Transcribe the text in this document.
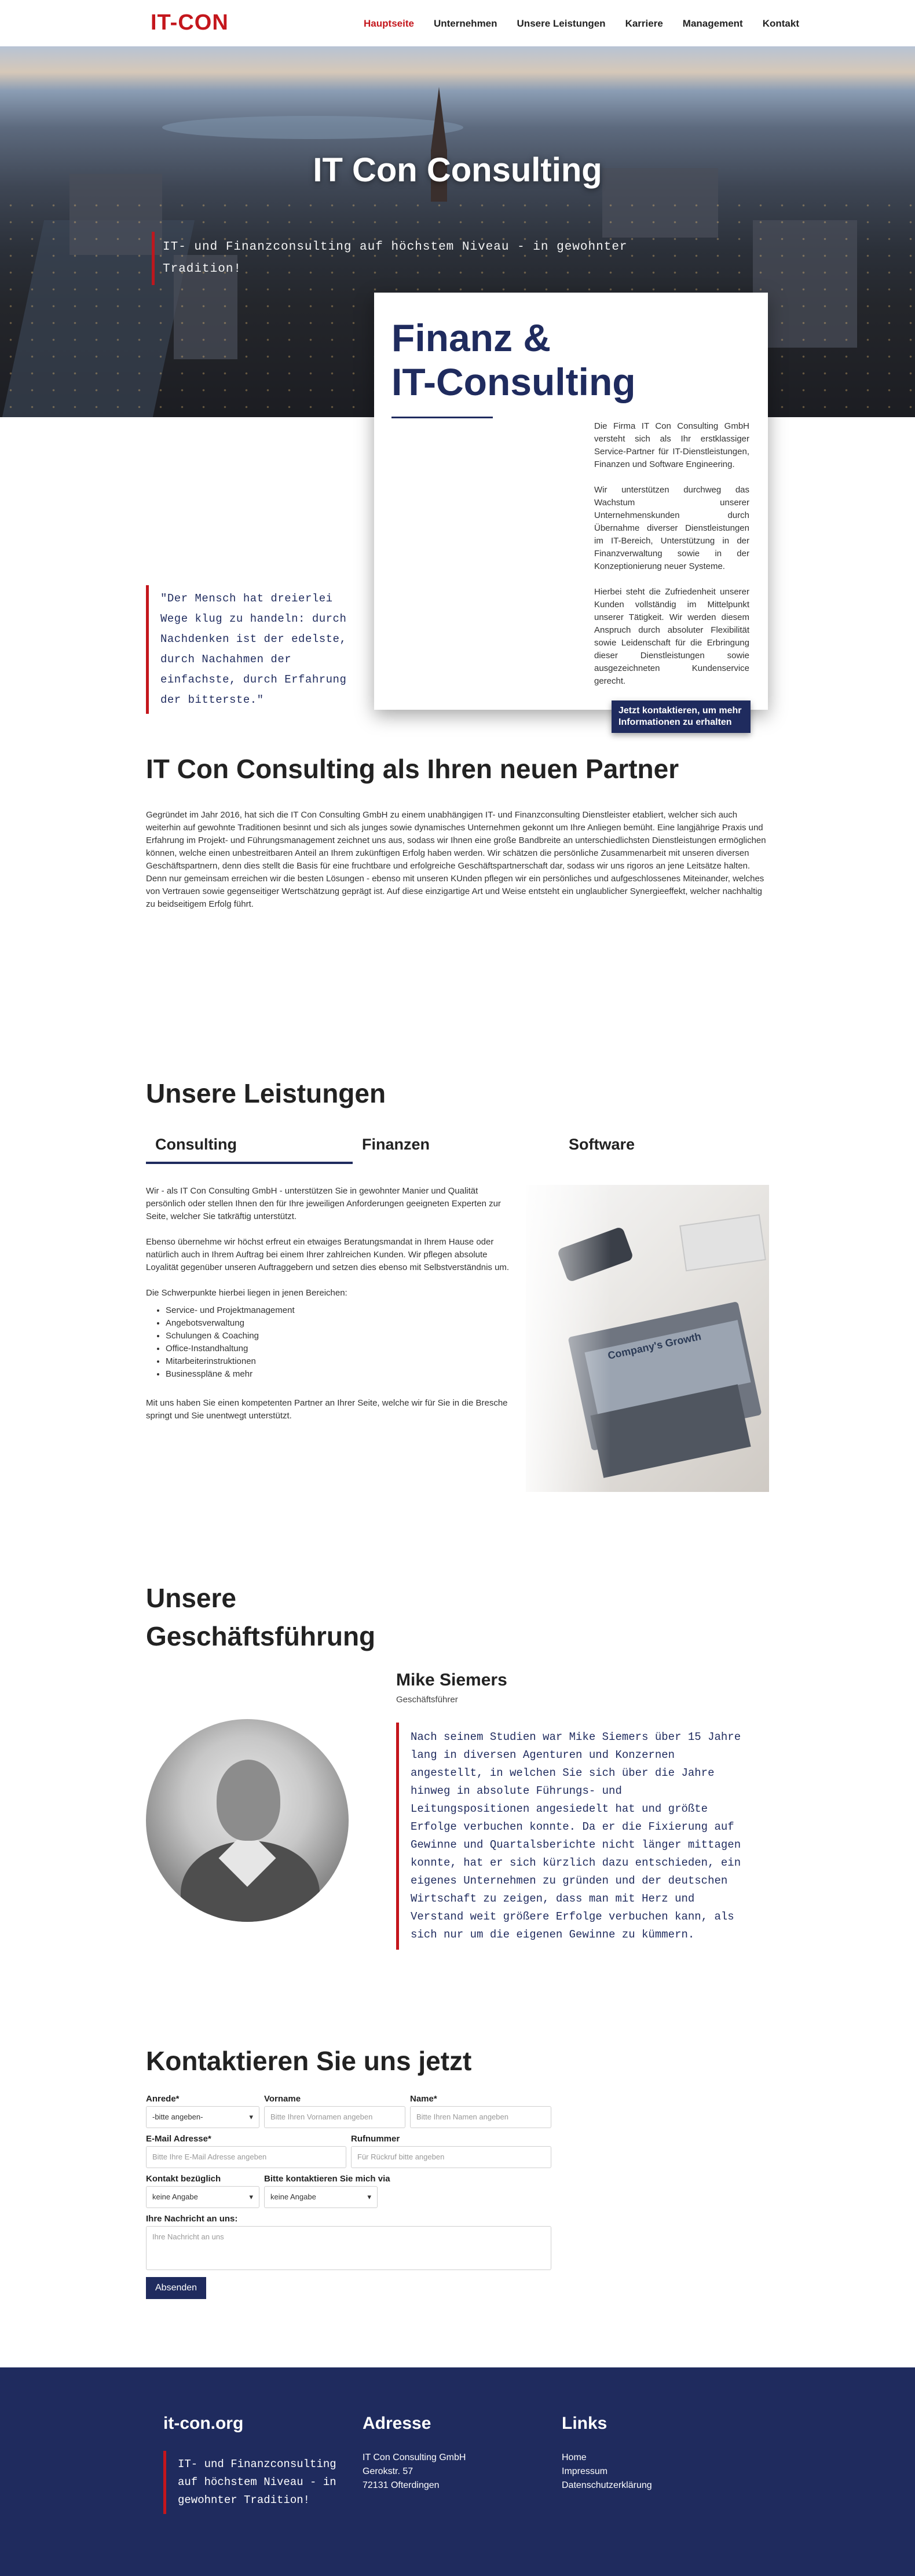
IT-CON	Hauptseite Unternehmen Unsere Leistungen Karriere Management Kontakt
IT Con Consulting
IT- und Finanzconsulting auf höchstem Niveau - in gewohnter Tradition!
Finanz &
IT-Consulting

Die Firma IT Con Consulting GmbH versteht sich als Ihr erstklassiger Service-Partner für IT-Dienstleistungen, Finanzen und Software Engineering.

Wir unterstützen durchweg das Wachstum unserer Unternehmenskunden durch Übernahme diverser Dienstleistungen im IT-Bereich, Unterstützung in der Finanzverwaltung sowie in der Konzeptionierung neuer Systeme.

Hierbei steht die Zufriedenheit unserer Kunden vollständig im Mittelpunkt unserer Tätigkeit. Wir werden diesem Anspruch durch absoluter Flexibilität sowie Leidenschaft für die Erbringung dieser Dienstleistungen sowie ausgezeichneten Kundenservice gerecht.

Jetzt kontaktieren, um mehr Informationen zu erhalten
"Der Mensch hat dreierlei Wege klug zu handeln: durch Nachdenken ist der edelste, durch Nachahmen der einfachste, durch Erfahrung der bitterste."
IT Con Consulting als Ihren neuen Partner

Gegründet im Jahr 2016, hat sich die IT Con Consulting GmbH zu einem unabhängigen IT- und Finanzconsulting Dienstleister etabliert, welcher sich auch weiterhin auf gewohnte Traditionen besinnt und sich als junges sowie dynamisches Unternehmen gekonnt um Ihre Anliegen bemüht. Eine langjährige Praxis und Erfahrung im Projekt- und Führungsmanagement zeichnet uns aus, sodass wir Ihnen eine große Bandbreite an unterschiedlichsten Dienstleistungen ermöglichen können, welche einen unbestreitbaren Anteil an Ihrem zukünftigen Erfolg haben werden. Wir schätzen die persönliche Zusammenarbeit mit unseren diversen Geschäftspartnern, denn dies stellt die Basis für eine fruchtbare und erfolgreiche Geschäftspartnerschaft dar, sodass wir uns rigoros an jene Leitsätze halten. Denn nur gemeinsam erreichen wir die besten Lösungen - ebenso mit unseren KUnden pflegen wir ein persönliches und aufgeschlossenes Miteinander, welches von Vertrauen sowie gegenseitiger Wertschätzung geprägt ist. Auf diese einzigartige Art und Weise entsteht ein unglaublicher Synergieeffekt, welcher nachhaltig zu beidseitigem Erfolg führt.

Unsere Leistungen
Consulting	Finanzen	Software

Wir - als IT Con Consulting GmbH - unterstützen Sie in gewohnter Manier und Qualität persönlich oder stellen Ihnen den für Ihre jeweiligen Anforderungen geeigneten Experten zur Seite, welcher Sie tatkräftig unterstützt.

Ebenso übernehme wir höchst erfreut ein etwaiges Beratungsmandat in Ihrem Hause oder natürlich auch in Ihrem Auftrag bei einem Ihrer zahlreichen Kunden. Wir pflegen absolute Loyalität gegenüber unseren Auftraggebern und setzen dies ebenso mit Selbstverständnis um.

Die Schwerpunkte hierbei liegen in jenen Bereichen:

• Service- und Projektmanagement
• Angebotsverwaltung
• Schulungen & Coaching
• Office-Instandhaltung
• Mitarbeiterinstruktionen
• Businesspläne & mehr

Mit uns haben Sie einen kompetenten Partner an Ihrer Seite, welche wir für Sie in die Bresche springt und Sie unentwegt unterstützt.

Unsere
Geschäftsführung
Mike Siemers
Geschäftsführer
Nach seinem Studien war Mike Siemers über 15 Jahre lang in diversen Agenturen und Konzernen angestellt, in welchen Sie sich über die Jahre hinweg in absolute Führungs- und Leitungspositionen angesiedelt hat und größte Erfolge verbuchen konnte. Da er die Fixierung auf Gewinne und Quartalsberichte nicht länger mittagen konnte, hat er sich kürzlich dazu entschieden, ein eigenes Unternehmen zu gründen und der deutschen Wirtschaft zu zeigen, dass man mit Herz und Verstand weit größere Erfolge verbuchen kann, als sich nur um die eigenen Gewinne zu kümmern.
Kontaktieren Sie uns jetzt
Anrede*
-bitte angeben-	▾
Vorname
Bitte Ihren Vornamen angeben
Name*
Bitte Ihren Namen angeben
E-Mail Adresse*
Bitte Ihre E-Mail Adresse angeben
Rufnummer
Für Rückruf bitte angeben
Kontakt bezüglich
keine Angabe	▾
Bitte kontaktieren Sie mich via
keine Angabe	▾
Ihre Nachricht an uns:
Ihre Nachricht an uns
Absenden
it-con.org
IT- und Finanzconsulting auf höchstem Niveau - in gewohnter Tradition!
Adresse
IT Con Consulting GmbH
Gerokstr. 57
72131 Ofterdingen
Links
Home
Impressum
Datenschutzerklärung
